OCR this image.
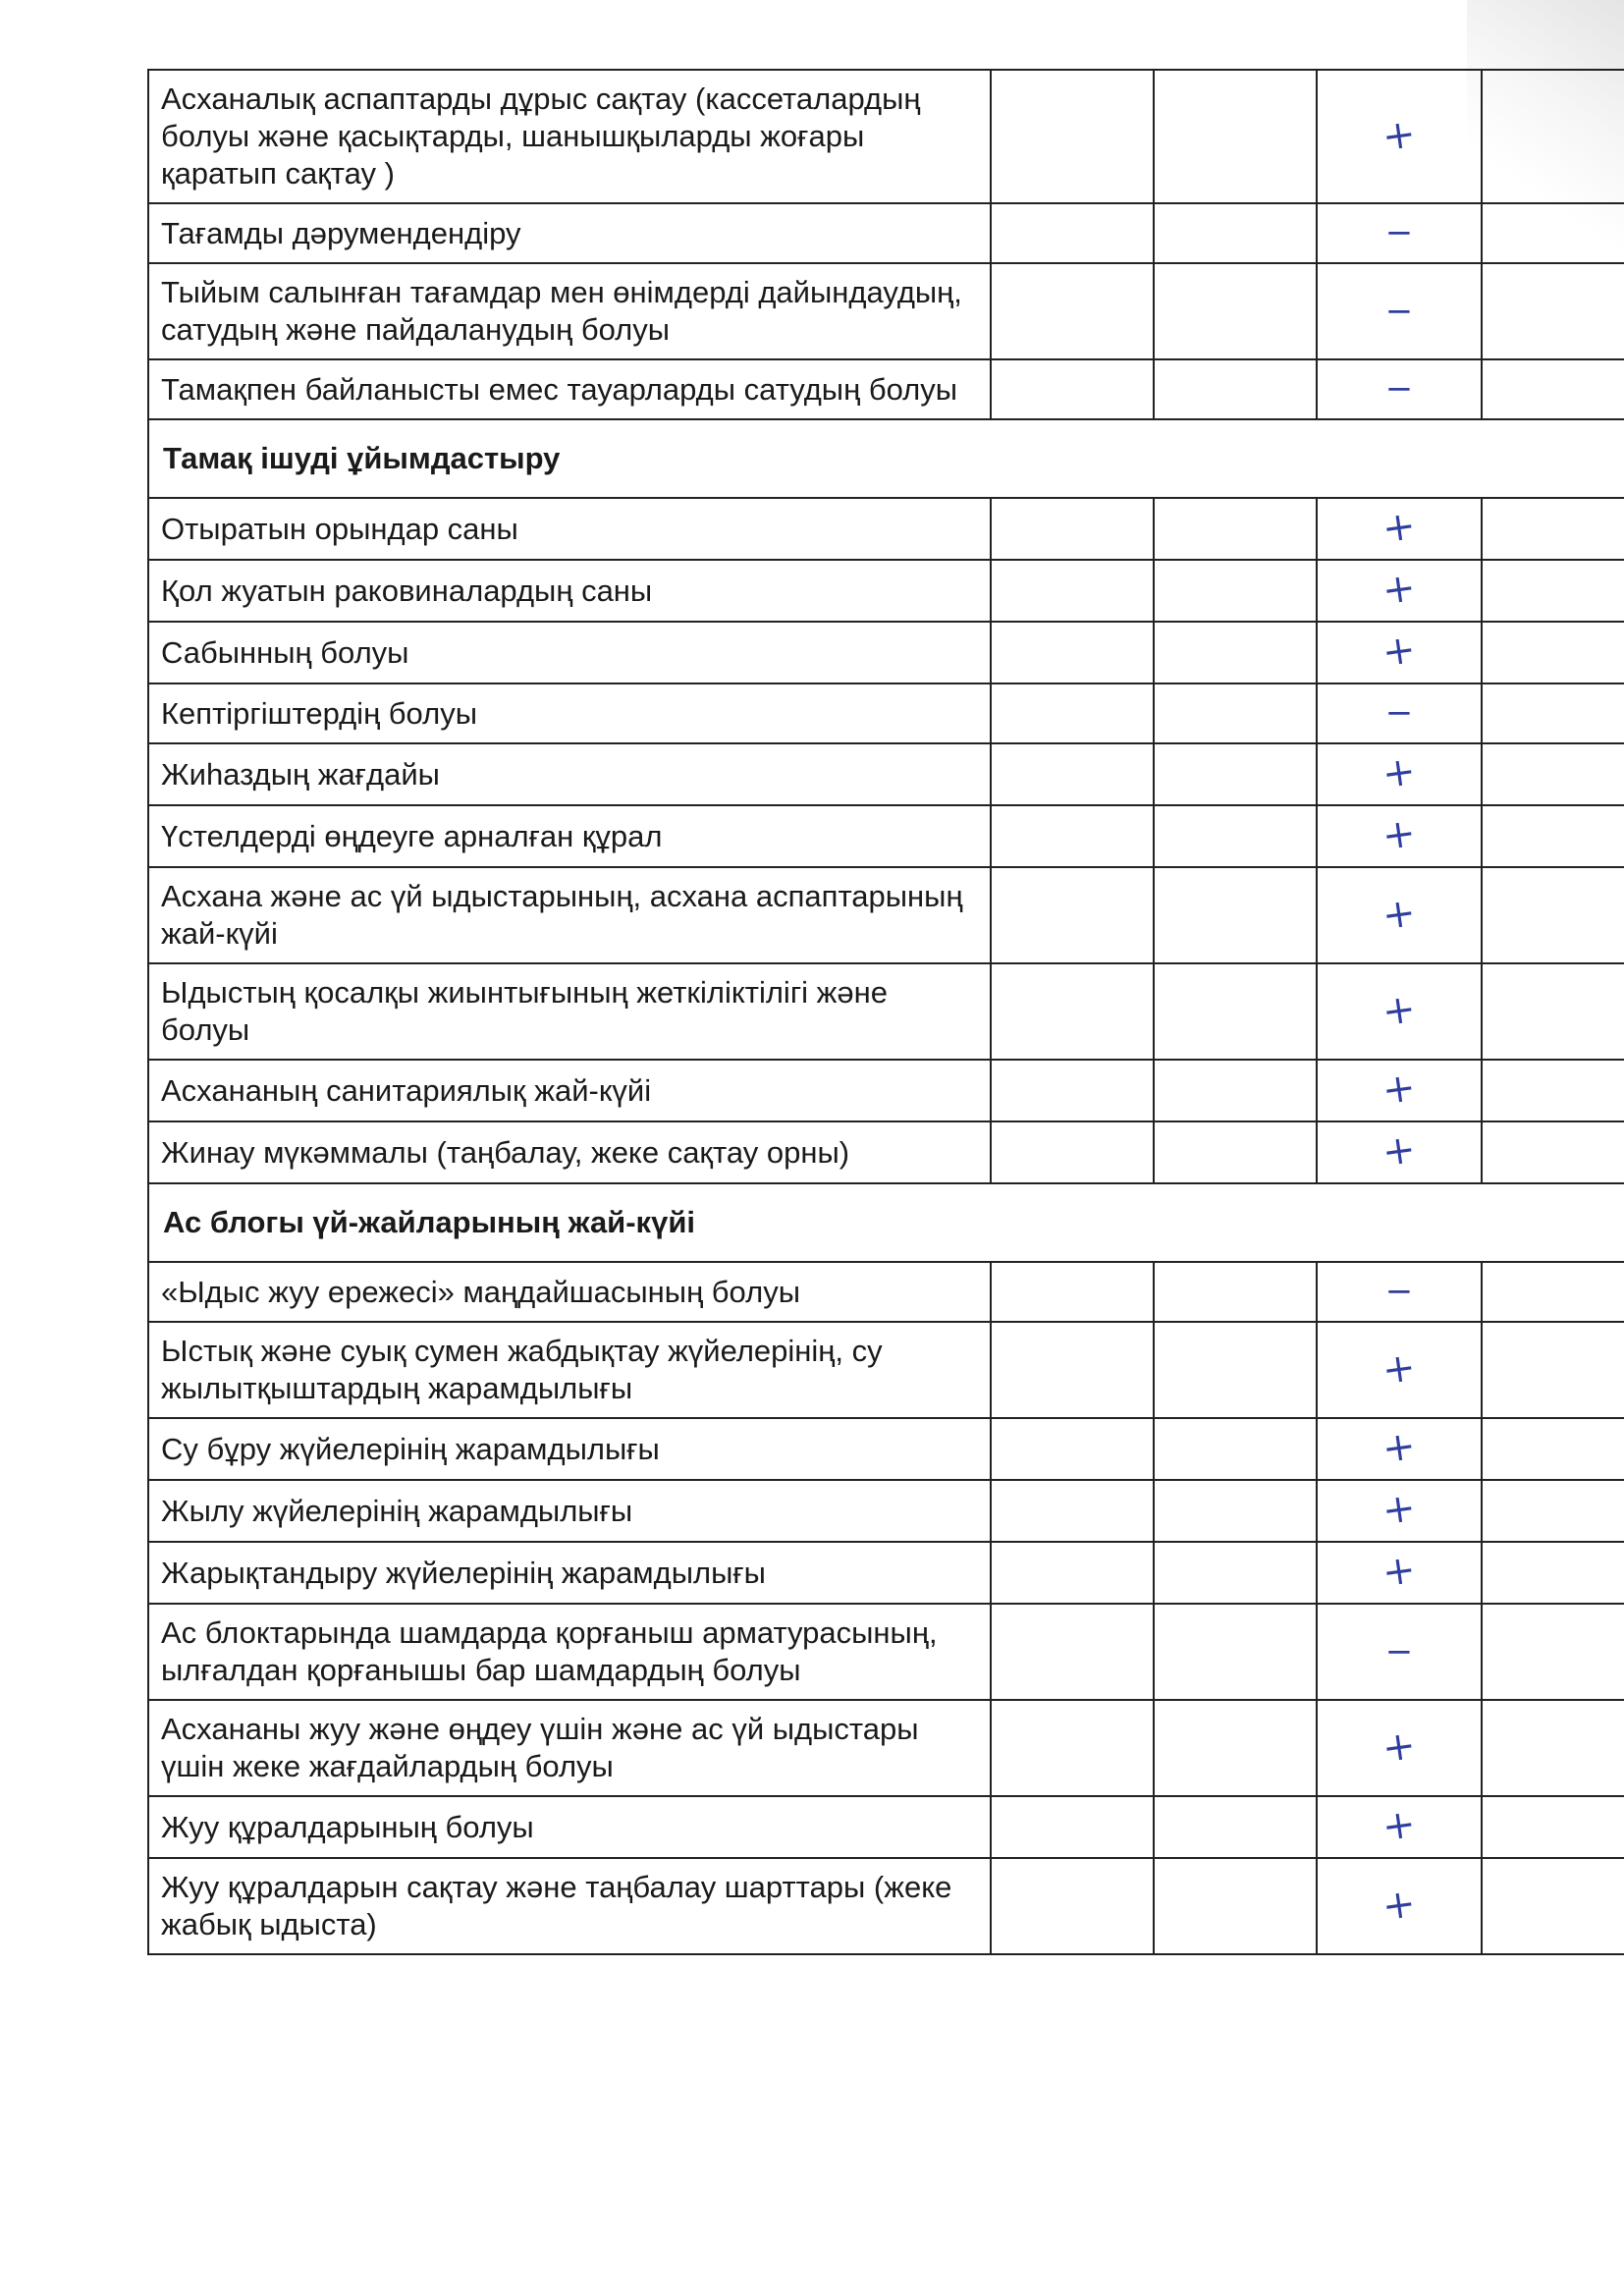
Асханалық аспаптарды дұрыс сақтау (кассеталардың болуы және қасықтарды, шанышқыларды жоғары қаратып сақтау )			+	
Тағамды дәрумендендіру			−	
Тыйым салынған тағамдар мен өнімдерді дайындаудың, сатудың және пайдаланудың болуы			−	
Тамақпен байланысты емес тауарларды сатудың болуы			−	
Тамақ ішуді ұйымдастыру				
Отыратын орындар саны			+	
Қол жуатын раковиналардың саны			+	
Сабынның болуы			+	
Кептіргіштердің болуы			−	
Жиһаздың жағдайы			+	
Үстелдерді өңдеуге арналған құрал			+	
Асхана және ас үй ыдыстарының, асхана аспаптарының жай-күйі			+	
Ыдыстың қосалқы жиынтығының жеткіліктілігі және болуы			+	
Асхананың санитариялық жай-күйі			+	
Жинау мүкәммалы (таңбалау, жеке сақтау орны)			+	
Ас блогы үй-жайларының жай-күйі				
«Ыдыс жуу ережесі» маңдайшасының болуы			−	
Ыстық және суық сумен жабдықтау жүйелерінің, су жылытқыштардың жарамдылығы			+	
Су бұру жүйелерінің жарамдылығы			+	
Жылу жүйелерінің жарамдылығы			+	
Жарықтандыру жүйелерінің жарамдылығы			+	
Ас блоктарында шамдарда қорғаныш арматурасының, ылғалдан қорғанышы бар шамдардың болуы			−	
Асхананы жуу және өңдеу үшін және ас үй ыдыстары үшін жеке жағдайлардың болуы			+	
Жуу құралдарының болуы			+	
Жуу құралдарын сақтау және таңбалау шарттары (жеке жабық ыдыста)			+	
